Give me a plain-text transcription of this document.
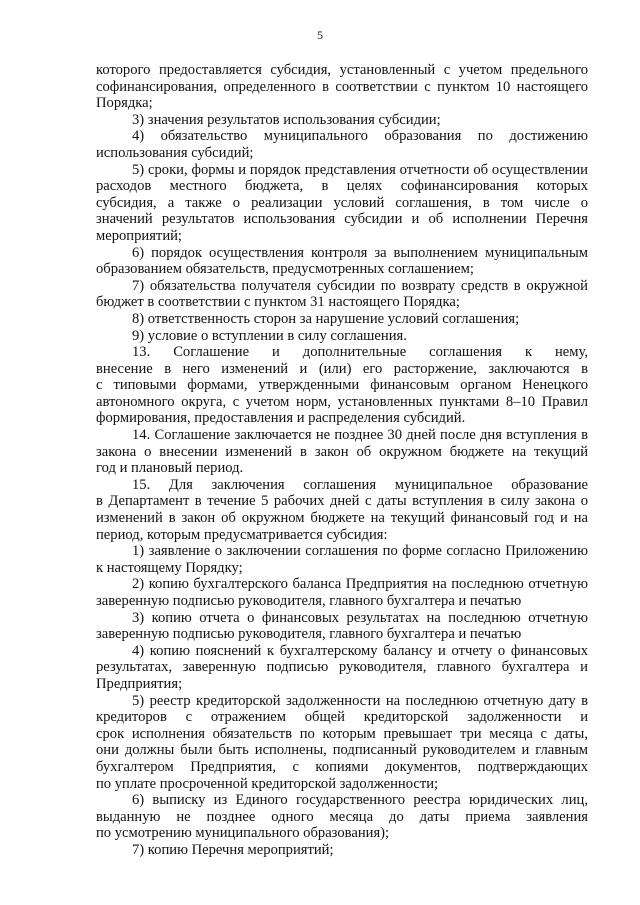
5
которого предоставляется субсидия, установленный с учетом предельного
софинансирования, определенного в соответствии с пунктом 10 настоящего
Порядка;
3) значения результатов использования субсидии;
4) обязательство муниципального образования по достижению
использования субсидий;
5) сроки, формы и порядок представления отчетности об осуществлении
расходов местного бюджета, в целях софинансирования которых
субсидия, а также о реализации условий соглашения, в том числе о
значений результатов использования субсидии и об исполнении Перечня
мероприятий;
6) порядок осуществления контроля за выполнением муниципальным
образованием обязательств, предусмотренных соглашением;
7) обязательства получателя субсидии по возврату средств в окружной
бюджет в соответствии с пунктом 31 настоящего Порядка;
8) ответственность сторон за нарушение условий соглашения;
9) условие о вступлении в силу соглашения.
13. Соглашение и дополнительные соглашения к нему,
внесение в него изменений и (или) его расторжение, заключаются в
с типовыми формами, утвержденными финансовым органом Ненецкого
автономного округа, с учетом норм, установленных пунктами 8–10 Правил
формирования, предоставления и распределения субсидий.
14. Соглашение заключается не позднее 30 дней после дня вступления в
закона о внесении изменений в закон об окружном бюджете на текущий
год и плановый период.
15. Для заключения соглашения муниципальное образование
в Департамент в течение 5 рабочих дней с даты вступления в силу закона о
изменений в закон об окружном бюджете на текущий финансовый год и на
период, которым предусматривается субсидия:
1) заявление о заключении соглашения по форме согласно Приложению
к настоящему Порядку;
2) копию бухгалтерского баланса Предприятия на последнюю отчетную
заверенную подписью руководителя, главного бухгалтера и печатью
3) копию отчета о финансовых результатах на последнюю отчетную
заверенную подписью руководителя, главного бухгалтера и печатью
4) копию пояснений к бухгалтерскому балансу и отчету о финансовых
результатах, заверенную подписью руководителя, главного бухгалтера и
Предприятия;
5) реестр кредиторской задолженности на последнюю отчетную дату в
кредиторов с отражением общей кредиторской задолженности и
срок исполнения обязательств по которым превышает три месяца с даты,
они должны были быть исполнены, подписанный руководителем и главным
бухгалтером Предприятия, с копиями документов, подтверждающих
по уплате просроченной кредиторской задолженности;
6) выписку из Единого государственного реестра юридических лиц,
выданную не позднее одного месяца до даты приема заявления
по усмотрению муниципального образования);
7) копию Перечня мероприятий;
